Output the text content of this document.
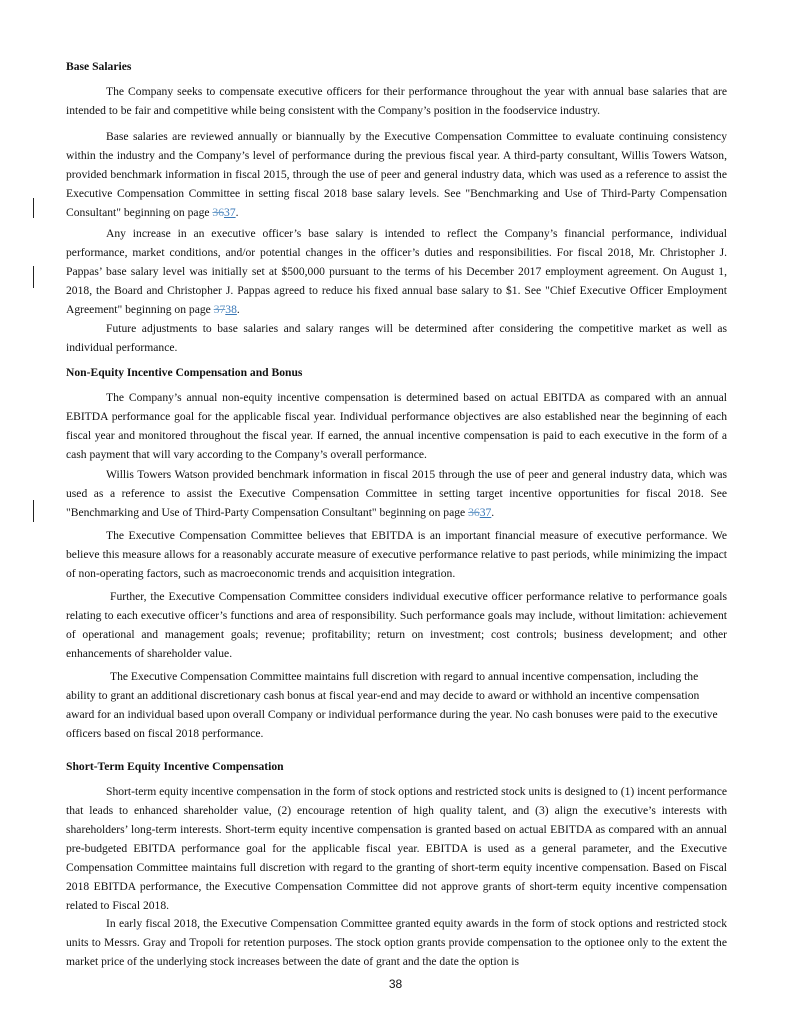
Base Salaries

The Company seeks to compensate executive officers for their performance throughout the year with annual base salaries that are intended to be fair and competitive while being consistent with the Company’s position in the foodservice industry.

Base salaries are reviewed annually or biannually by the Executive Compensation Committee to evaluate continuing consistency within the industry and the Company’s level of performance during the previous fiscal year. A third-party consultant, Willis Towers Watson, provided benchmark information in fiscal 2015, through the use of peer and general industry data, which was used as a reference to assist the Executive Compensation Committee in setting fiscal 2018 base salary levels. See "Benchmarking and Use of Third-Party Compensation Consultant" beginning on page 3637.

Any increase in an executive officer’s base salary is intended to reflect the Company’s financial performance, individual performance, market conditions, and/or potential changes in the officer’s duties and responsibilities. For fiscal 2018, Mr. Christopher J. Pappas’ base salary level was initially set at $500,000 pursuant to the terms of his December 2017 employment agreement. On August 1, 2018, the Board and Christopher J. Pappas agreed to reduce his fixed annual base salary to $1. See "Chief Executive Officer Employment Agreement" beginning on page 3738.

Future adjustments to base salaries and salary ranges will be determined after considering the competitive market as well as individual performance.

Non-Equity Incentive Compensation and Bonus

The Company’s annual non-equity incentive compensation is determined based on actual EBITDA as compared with an annual EBITDA performance goal for the applicable fiscal year. Individual performance objectives are also established near the beginning of each fiscal year and monitored throughout the fiscal year. If earned, the annual incentive compensation is paid to each executive in the form of a cash payment that will vary according to the Company’s overall performance.

Willis Towers Watson provided benchmark information in fiscal 2015 through the use of peer and general industry data, which was used as a reference to assist the Executive Compensation Committee in setting target incentive opportunities for fiscal 2018. See "Benchmarking and Use of Third-Party Compensation Consultant" beginning on page 3637.

The Executive Compensation Committee believes that EBITDA is an important financial measure of executive performance. We believe this measure allows for a reasonably accurate measure of executive performance relative to past periods, while minimizing the impact of non-operating factors, such as macroeconomic trends and acquisition integration.

Further, the Executive Compensation Committee considers individual executive officer performance relative to performance goals relating to each executive officer’s functions and area of responsibility. Such performance goals may include, without limitation: achievement of operational and management goals; revenue; profitability; return on investment; cost controls; business development; and other enhancements of shareholder value.

The Executive Compensation Committee maintains full discretion with regard to annual incentive compensation, including the ability to grant an additional discretionary cash bonus at fiscal year-end and may decide to award or withhold an incentive compensation award for an individual based upon overall Company or individual performance during the year. No cash bonuses were paid to the executive officers based on fiscal 2018 performance.

Short-Term Equity Incentive Compensation

Short-term equity incentive compensation in the form of stock options and restricted stock units is designed to (1) incent performance that leads to enhanced shareholder value, (2) encourage retention of high quality talent, and (3) align the executive’s interests with shareholders’ long-term interests. Short-term equity incentive compensation is granted based on actual EBITDA as compared with an annual pre-budgeted EBITDA performance goal for the applicable fiscal year. EBITDA is used as a general parameter, and the Executive Compensation Committee maintains full discretion with regard to the granting of short-term equity incentive compensation. Based on Fiscal 2018 EBITDA performance, the Executive Compensation Committee did not approve grants of short-term equity incentive compensation related to Fiscal 2018.

In early fiscal 2018, the Executive Compensation Committee granted equity awards in the form of stock options and restricted stock units to Messrs. Gray and Tropoli for retention purposes. The stock option grants provide compensation to the optionee only to the extent the market price of the underlying stock increases between the date of grant and the date the option is

38
